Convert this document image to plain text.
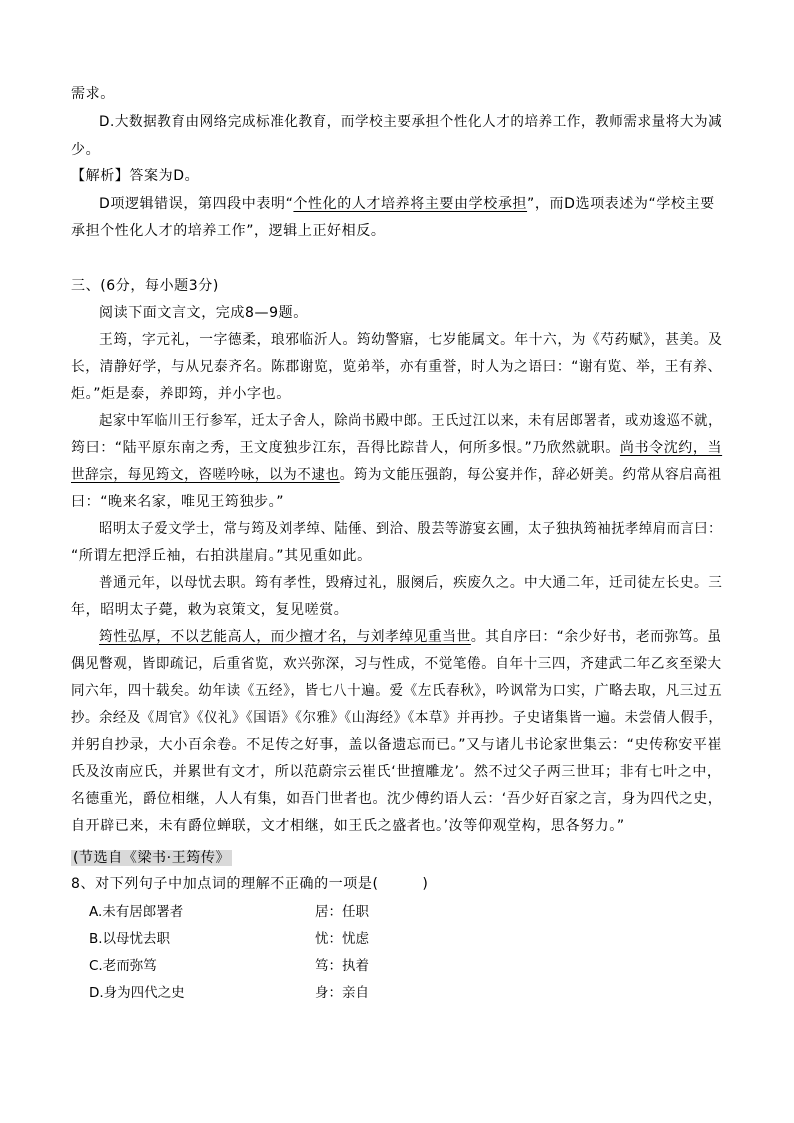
需求。
D.大数据教育由网络完成标准化教育，而学校主要承担个性化人才的培养工作，教师需求量将大为减
少。
【解析】答案为D。
D项逻辑错误，第四段中表明“个性化的人才培养将主要由学校承担”，而D选项表述为“学校主要
承担个性化人才的培养工作”，逻辑上正好相反。
三、(6分，每小题3分)
阅读下面文言文，完成8—9题。
王筠，字元礼，一字德柔，琅邪临沂人。筠幼警寤，七岁能属文。年十六，为《芍药赋》，甚美。及
长，清静好学，与从兄泰齐名。陈郡谢览，览弟举，亦有重誉，时人为之语曰：“谢有览、举，王有养、
炬。”炬是泰，养即筠，并小字也。
起家中军临川王行参军，迁太子舍人，除尚书殿中郎。王氏过江以来，未有居郎署者，或劝逡巡不就，
筠曰：“陆平原东南之秀，王文度独步江东，吾得比踪昔人，何所多恨。”乃欣然就职。尚书令沈约，当
世辞宗，每见筠文，咨嗟吟咏，以为不逮也。筠为文能压强韵，每公宴并作，辞必妍美。约常从容启高祖
曰：“晚来名家，唯见王筠独步。”
昭明太子爱文学士，常与筠及刘孝绰、陆倕、到洽、殷芸等游宴玄圃，太子独执筠袖抚孝绰肩而言曰：
“所谓左把浮丘袖，右拍洪崖肩。”其见重如此。
普通元年，以母忧去职。筠有孝性，毁瘠过礼，服阕后，疾废久之。中大通二年，迁司徒左长史。三
年，昭明太子薨，敕为哀策文，复见嗟赏。
筠性弘厚，不以艺能高人，而少擅才名，与刘孝绰见重当世。其自序曰：“余少好书，老而弥笃。虽
偶见瞥观，皆即疏记，后重省览，欢兴弥深，习与性成，不觉笔倦。自年十三四，齐建武二年乙亥至梁大
同六年，四十载矣。幼年读《五经》，皆七八十遍。爱《左氏春秋》，吟讽常为口实，广略去取，凡三过五
抄。余经及《周官》《仪礼》《国语》《尔雅》《山海经》《本草》并再抄。子史诸集皆一遍。未尝倩人假手，
并躬自抄录，大小百余卷。不足传之好事，盖以备遗忘而已。”又与诸儿书论家世集云：“史传称安平崔
氏及汝南应氏，并累世有文才，所以范蔚宗云崔氏‘世擅雕龙’。然不过父子两三世耳；非有七叶之中，
名德重光，爵位相继，人人有集，如吾门世者也。沈少傅约语人云：‘吾少好百家之言，身为四代之史，
自开辟已来，未有爵位蝉联，文才相继，如王氏之盛者也。’汝等仰观堂构，思各努力。”
(节选自《梁书·王筠传》
8、对下列句子中加点词的理解不正确的一项是(　　　)
A.未有居郎署者	居：任职
B.以母忧去职	忧：忧虑
C.老而弥笃	笃：执着
D.身为四代之史	身：亲自
